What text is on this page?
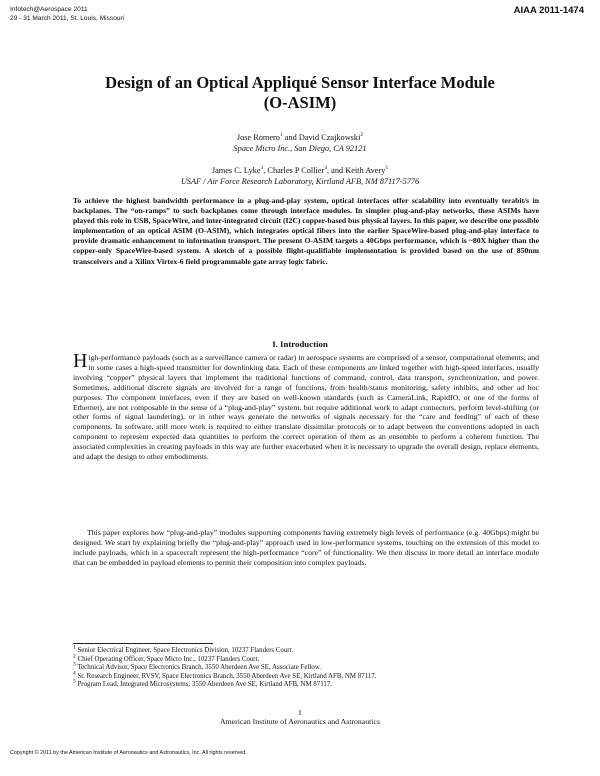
Infotech@Aerospace 2011
29 - 31 March 2011, St. Louis, Missouri
AIAA 2011-1474
Design of an Optical Appliqué Sensor Interface Module
(O-ASIM)
Jose Romero$^1$ and David Czajkowski$^2$
Space Micro Inc., San Diego, CA 92121
James C. Lyke$^3$, Charles P Collier$^4$, and Keith Avery$^5$
USAF / Air Force Research Laboratory, Kirtland AFB, NM 87117-5776
To achieve the highest bandwidth performance in a plug-and-play system, optical interfaces offer scalability into eventually terabit/s in backplanes. The “on-ramps” to such backplanes come through interface modules. In simpler plug-and-play networks, these ASIMs have played this role in USB, SpaceWire, and inter-integrated circuit (I2C) copper-based bus physical layers. In this paper, we describe one possible implementation of an optical ASIM (O-ASIM), which integrates optical fibers into the earlier SpaceWire-based plug-and-play interface to provide dramatic enhancement to information transport. The present O-ASIM targets a 40Gbps performance, which is ~80X higher than the copper-only SpaceWire-based system. A sketch of a possible flight-qualifiable implementation is provided based on the use of 850nm transceivers and a Xilinx Virtex-6 field programmable gate array logic fabric.
I. Introduction
High-performance payloads (such as a surveillance camera or radar) in aerospace systems are comprised of a sensor, computational elements, and in some cases a high-speed transmitter for downlinking data. Each of these components are linked together with high-speed interfaces, usually involving “copper” physical layers that implement the traditional functions of command, control, data transport, synchronization, and power. Sometimes, additional discrete signals are involved for a range of functions, from health/status monitoring, safety inhibits, and other ad hoc purposes. The component interfaces, even if they are based on well-known standards (such as CameraLink, RapidIO, or one of the forms of Ethernet), are not composable in the sense of a “plug-and-play” system, but require additional work to adapt connectors, perform level-shifting (or other forms of signal laundering), or in other ways generate the networks of signals necessary for the “care and feeding” of each of these components. In software, still more work is required to either translate dissimilar protocols or to adapt between the conventions adopted in each component to represent expected data quantities to perform the correct operation of them as an ensemble to perform a coherent function. The associated complexities in creating payloads in this way are further exacerbated when it is necessary to upgrade the overall design, replace elements, and adapt the design to other embodiments.
This paper explores how “plug-and-play” modules supporting components having extremely high levels of performance (e.g. 40Gbps) might be designed. We start by explaining briefly the “plug-and-play” approach used in low-performance systems, touching on the extension of this model to include payloads, which in a spacecraft represent the high-performance “core” of functionality. We then discuss in more detail an interface module that can be embedded in payload elements to permit their composition into complex payloads.
$^1$ Senior Electrical Engineer, Space Electronics Division, 10237 Flanders Court.
$^2$ Chief Operating Officer, Space Micro Inc., 10237 Flanders Court.
$^3$ Technical Advisor, Space Electronics Branch, 3550 Aberdeen Ave SE, Associate Fellow.
$^4$ Sr. Research Engineer, RVSV, Space Electronics Branch, 3550 Aberdeen Ave SE, Kirtland AFB, NM 87117.
$^5$ Program Lead, Integrated Microsystems, 3550 Aberdeen Ave SE, Kirtland AFB, NM 87117.
1
American Institute of Aeronautics and Astronautics
Copyright © 2011 by the American Institute of Aeronautics and Astronautics, Inc. All rights reserved.
